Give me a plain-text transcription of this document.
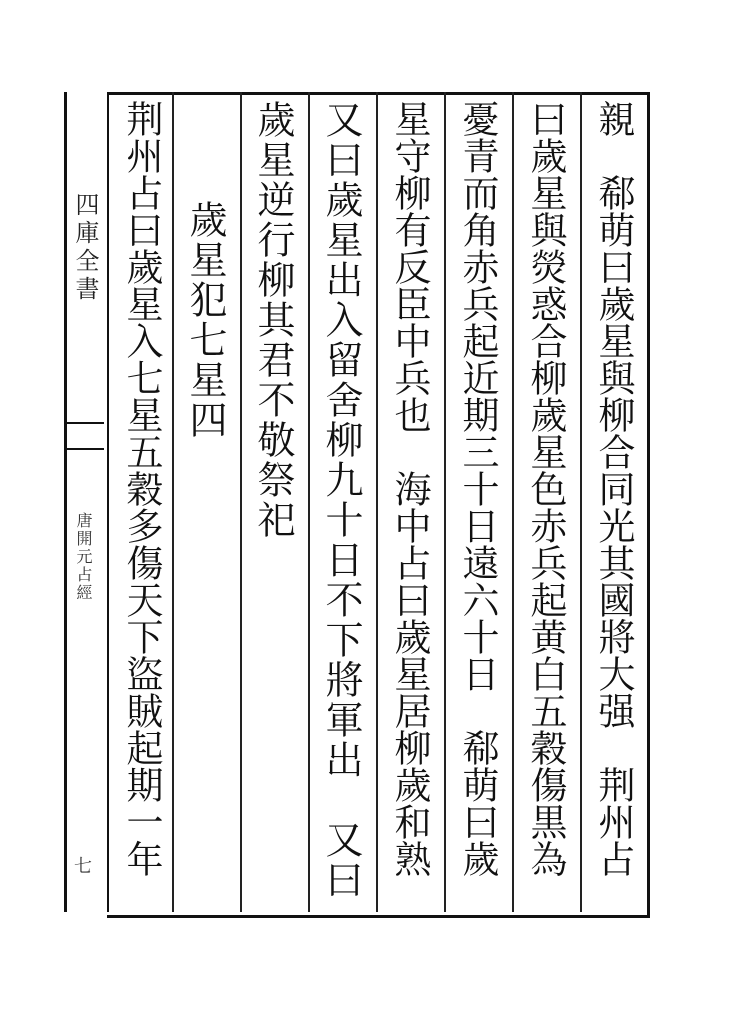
四庫全書
唐開元占經
七	親　郗萌曰歲星與柳合同光其國將大强　荆州占
曰歲星與熒惑合柳歲星色赤兵起黄白五穀傷黒為
憂青而角赤兵起近期三十日遠六十日　郗萌曰歲
星守柳有反臣中兵也　海中占曰歲星居柳歲和熟
又曰歲星出入留舍柳九十日不下將軍出　又曰
歲星逆行柳其君不敬祭祀
歲星犯七星四
荆州占曰歲星入七星五穀多傷天下盜賊起期一年
